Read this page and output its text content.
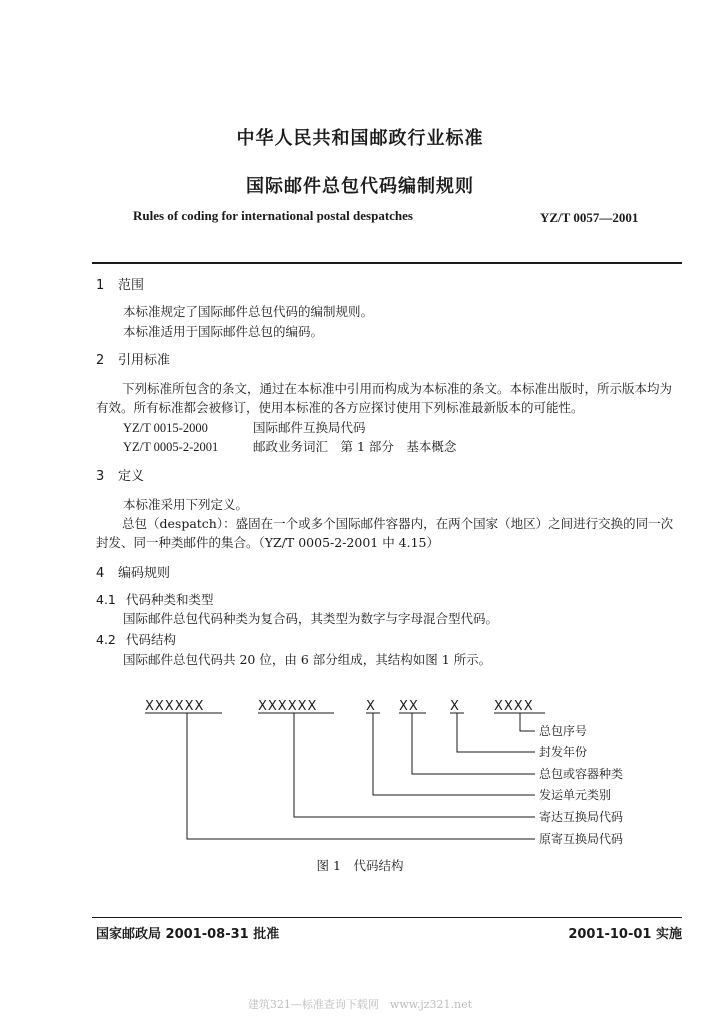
中华人民共和国邮政行业标准
国际邮件总包代码编制规则
Rules of coding for international postal despatches	YZ/T 0057—2001
1 范围
本标准规定了国际邮件总包代码的编制规则。
本标准适用于国际邮件总包的编码。
2 引用标准
下列标准所包含的条文，通过在本标准中引用而构成为本标准的条文。本标准出版时，所示版本均为有效。所有标准都会被修订，使用本标准的各方应探讨使用下列标准最新版本的可能性。
YZ/T 0015-2000	国际邮件互换局代码
YZ/T 0005-2-2001	邮政业务词汇　第 1 部分　基本概念
3 定义
本标准采用下列定义。
总包（despatch）：盛固在一个或多个国际邮件容器内，在两个国家（地区）之间进行交换的同一次封发、同一种类邮件的集合。（YZ/T 0005-2-2001 中 4.15）
4 编码规则
4.1 代码种类和类型
国际邮件总包代码种类为复合码，其类型为数字与字母混合型代码。
4.2 代码结构
国际邮件总包代码共 20 位，由 6 部分组成，其结构如图 1 所示。
XXXXXX	XXXXXX	X XX X	XXXX
总包序号
封发年份
总包或容器种类
发运单元类别
寄达互换局代码
原寄互换局代码
图 1　代码结构
国家邮政局 2001-08-31 批准	2001-10-01 实施
建筑321—标准查询下载网　www.jz321.net
